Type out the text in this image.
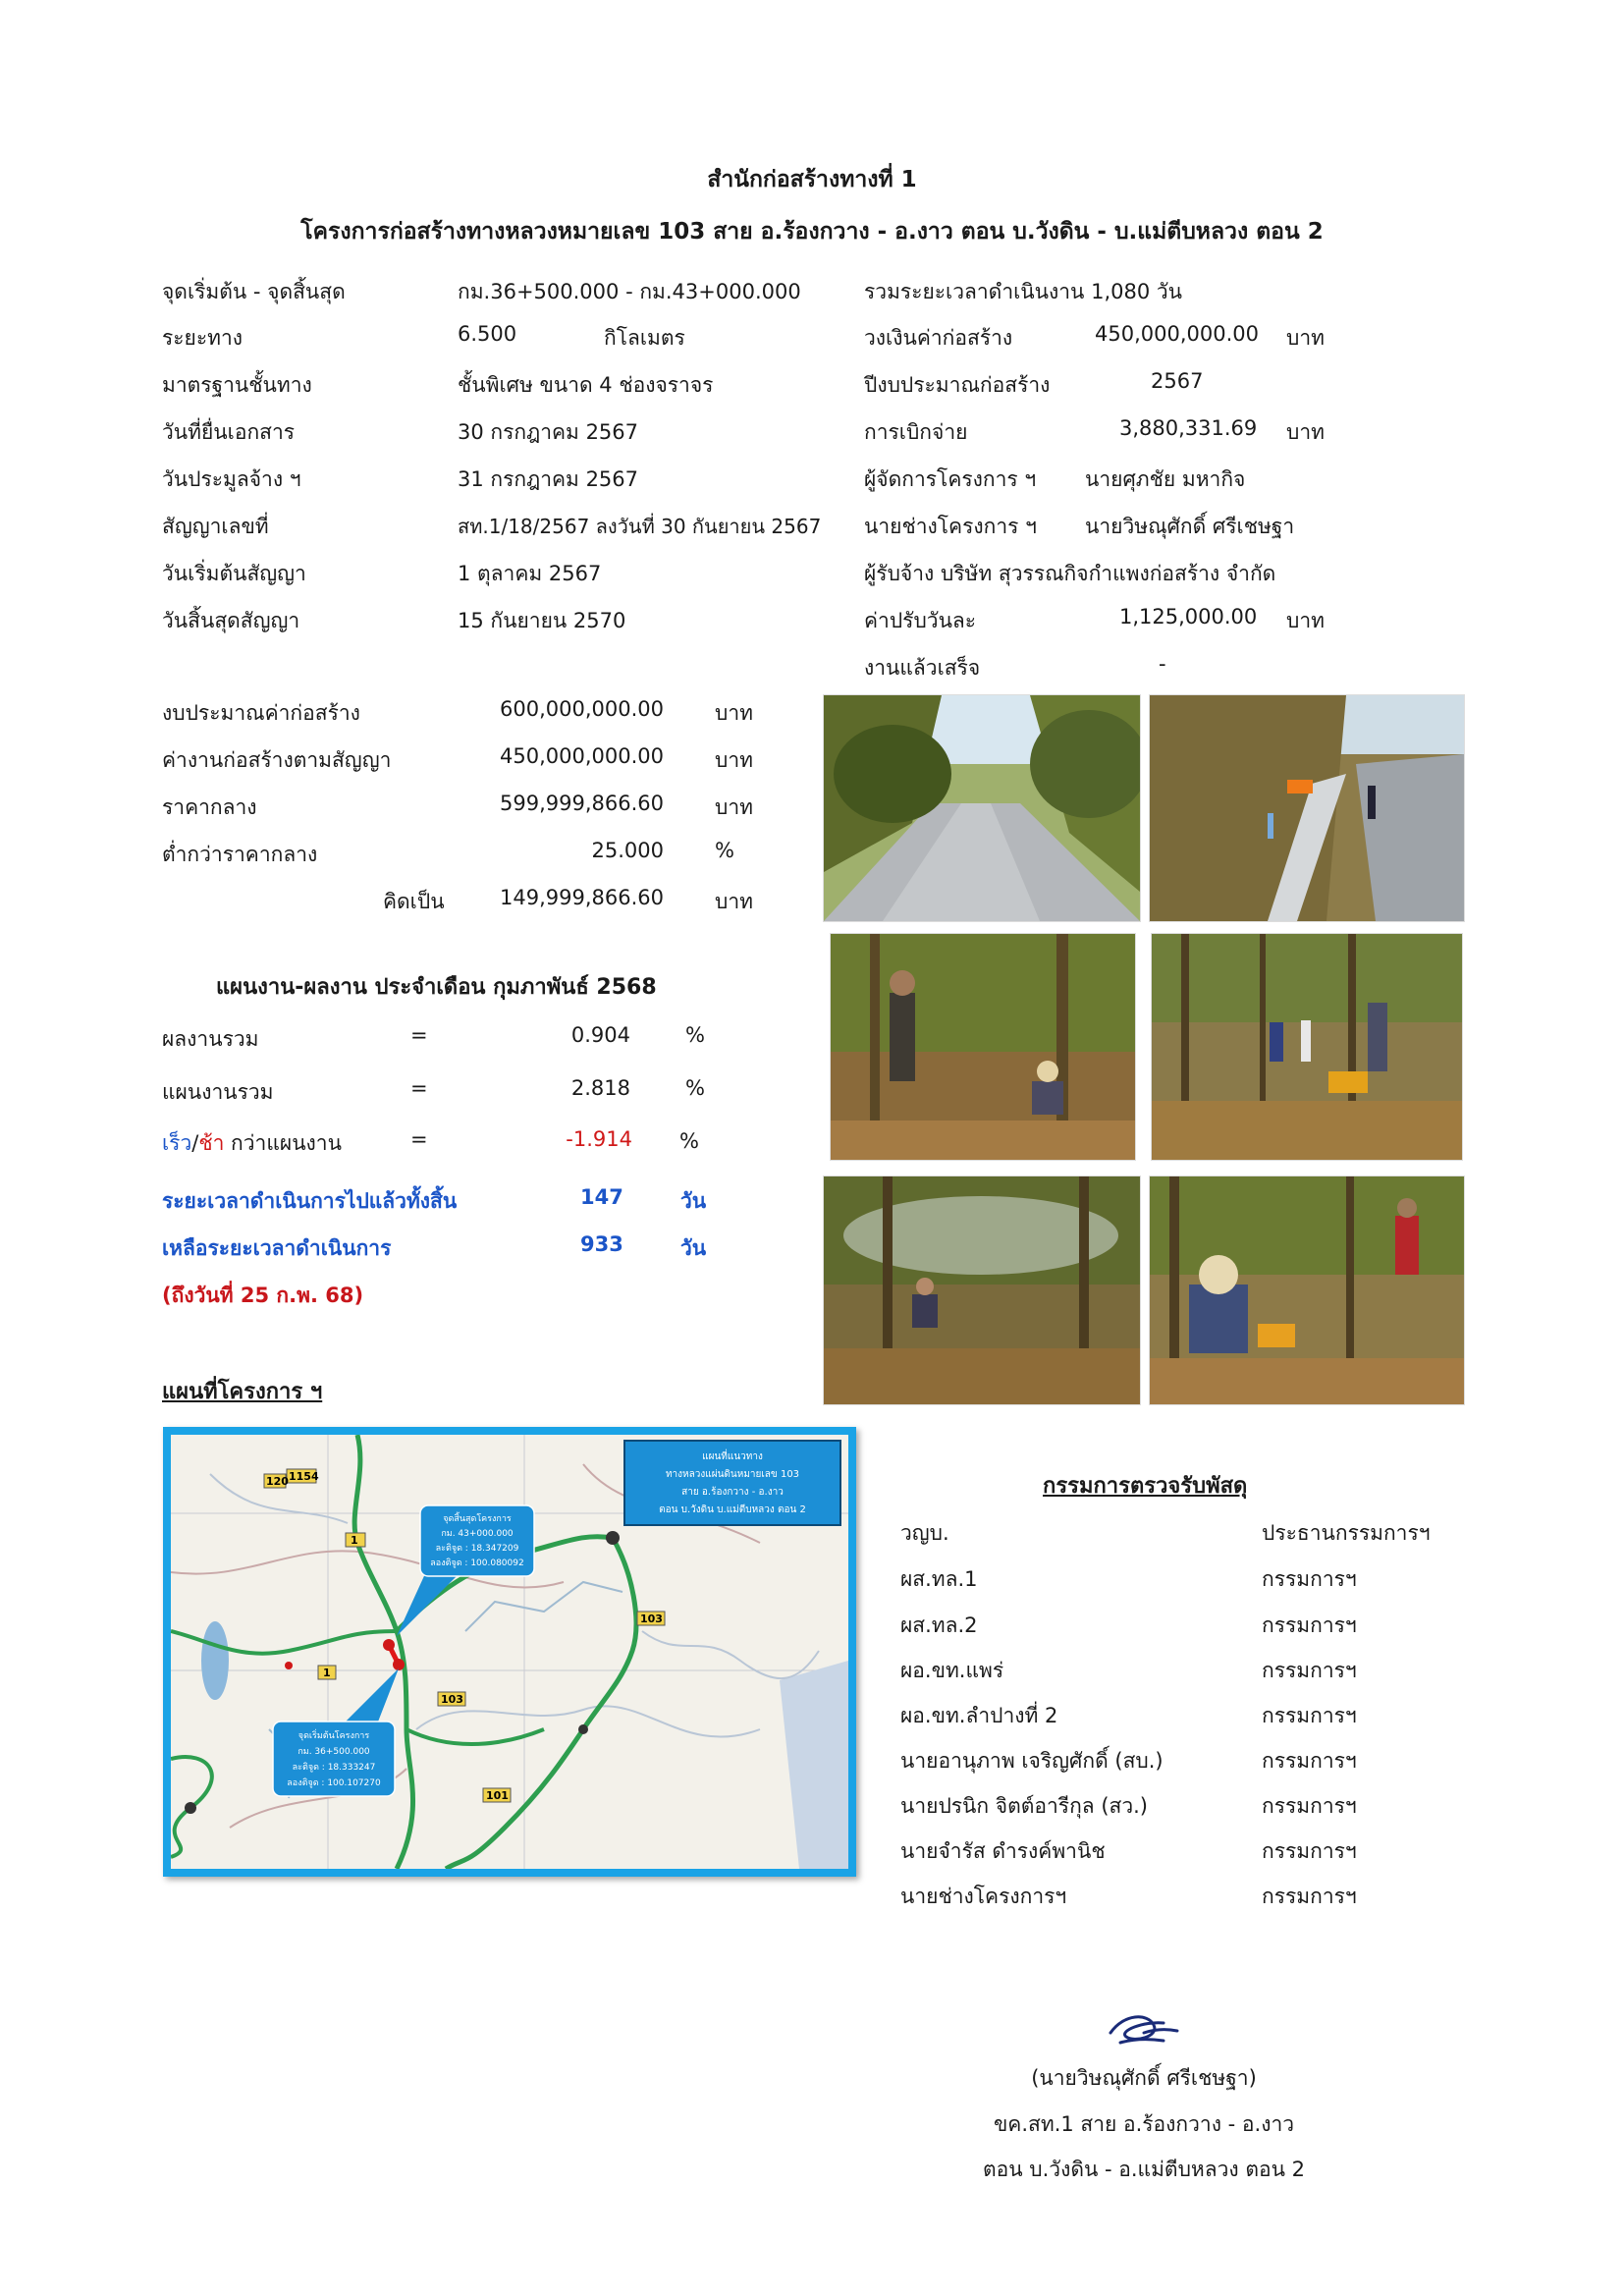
สำนักก่อสร้างทางที่ 1
โครงการก่อสร้างทางหลวงหมายเลข 103 สาย อ.ร้องกวาง - อ.งาว ตอน บ.วังดิน - บ.แม่ตีบหลวง ตอน 2
จุดเริ่มต้น - จุดสิ้นสุด	กม.36+500.000 - กม.43+000.000
ระยะทาง	6.500	กิโลเมตร
มาตรฐานชั้นทาง	ชั้นพิเศษ ขนาด 4 ช่องจราจร
วันที่ยื่นเอกสาร	30 กรกฎาคม 2567
วันประมูลจ้าง ฯ	31 กรกฎาคม 2567
สัญญาเลขที่	สท.1/18/2567 ลงวันที่ 30 กันยายน 2567
วันเริ่มต้นสัญญา	1 ตุลาคม 2567
วันสิ้นสุดสัญญา	15 กันยายน 2570
รวมระยะเวลาดำเนินงาน 1,080 วัน
วงเงินค่าก่อสร้าง	450,000,000.00 บาท
ปีงบประมาณก่อสร้าง	2567
การเบิกจ่าย	3,880,331.69 บาท
ผู้จัดการโครงการ ฯ นายศุภชัย มหากิจ
นายช่างโครงการ ฯ นายวิษณุศักดิ์ ศรีเชษฐา
ผู้รับจ้าง บริษัท สุวรรณกิจกำแพงก่อสร้าง จำกัด
ค่าปรับวันละ	1,125,000.00 บาท
งานแล้วเสร็จ	-
งบประมาณค่าก่อสร้าง	600,000,000.00 บาท
ค่างานก่อสร้างตามสัญญา	450,000,000.00 บาท
ราคากลาง	599,999,866.60 บาท
ต่ำกว่าราคากลาง	25.000 %
คิดเป็น	149,999,866.60 บาท
แผนงาน-ผลงาน ประจำเดือน กุมภาพันธ์ 2568
ผลงานรวม	=	0.904	%
แผนงานรวม	=	2.818	%
เร็ว/ช้า กว่าแผนงาน	=	-1.914 %
ระยะเวลาดำเนินการไปแล้วทั้งสิ้น	147	วัน
เหลือระยะเวลาดำเนินการ	933	วัน
(ถึงวันที่ 25 ก.พ. 68)
แผนที่โครงการ ฯ
1
103
1154
120
1
101
103
แผนที่แนวทาง
ทางหลวงแผ่นดินหมายเลข 103
สาย อ.ร้องกวาง - อ.งาว
ตอน บ.วังดิน บ.แม่ตีบหลวง ตอน 2
จุดสิ้นสุดโครงการ
กม. 43+000.000
ละติจูด : 18.347209
ลองติจูด : 100.080092
จุดเริ่มต้นโครงการ
กม. 36+500.000
ละติจูด : 18.333247
ลองติจูด : 100.107270
กรรมการตรวจรับพัสดุ
วญบ.	ประธานกรรมการฯ
ผส.ทล.1	กรรมการฯ
ผส.ทล.2	กรรมการฯ
ผอ.ขท.แพร่	กรรมการฯ
ผอ.ขท.ลำปางที่ 2	กรรมการฯ
นายอานุภาพ เจริญศักดิ์ (สบ.)	กรรมการฯ
นายปรนิก จิตต์อารีกุล (สว.)	กรรมการฯ
นายจำรัส ดำรงค์พานิช	กรรมการฯ
นายช่างโครงการฯ	กรรมการฯ
(นายวิษณุศักดิ์ ศรีเชษฐา)
ขค.สท.1 สาย อ.ร้องกวาง - อ.งาว
ตอน บ.วังดิน - อ.แม่ตีบหลวง ตอน 2
